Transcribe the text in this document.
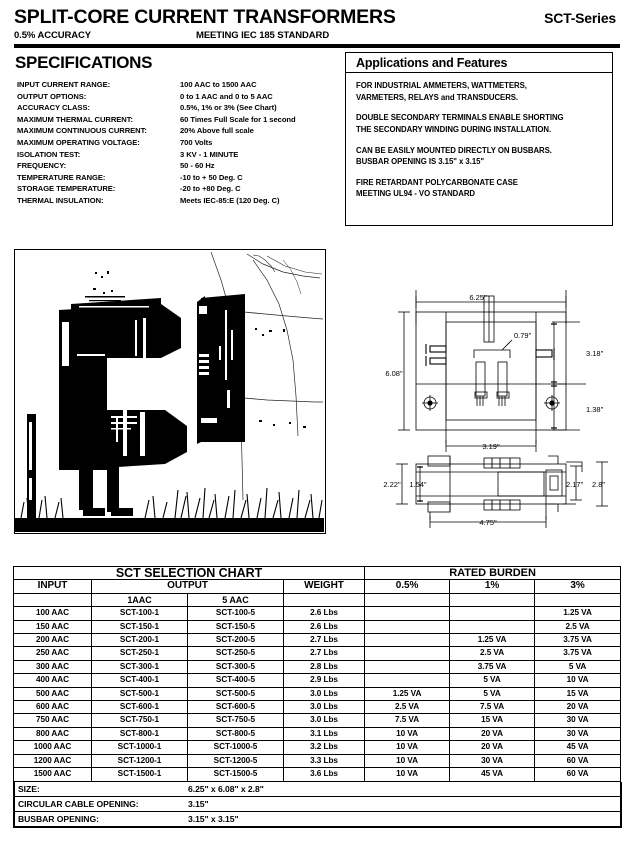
SPLIT-CORE CURRENT TRANSFORMERS	SCT-Series
0.5% ACCURACY	MEETING IEC 185 STANDARD
SPECIFICATIONS
INPUT CURRENT RANGE:	100 AAC to 1500 AAC
OUTPUT OPTIONS:	0 to 1 AAC and 0 to 5 AAC
ACCURACY CLASS:	0.5%, 1% or 3% (See Chart)
MAXIMUM THERMAL CURRENT:	60 Times Full Scale for 1 second
MAXIMUM CONTINUOUS CURRENT:	20% Above full scale
MAXIMUM OPERATING VOLTAGE:	700 Volts
ISOLATION TEST:	3 KV - 1 MINUTE
FREQUENCY:	50 - 60 Hz
TEMPERATURE RANGE:	-10 to + 50 Deg. C
STORAGE TEMPERATURE:	-20 to +80 Deg. C
THERMAL INSULATION:	Meets IEC-85:E (120 Deg. C)
Applications and Features

FOR INDUSTRIAL AMMETERS, WATTMETERS,
VARMETERS, RELAYS and TRANSDUCERS.

DOUBLE SECONDARY TERMINALS ENABLE SHORTING
THE SECONDARY WINDING DURING INSTALLATION.

CAN BE EASILY MOUNTED DIRECTLY ON BUSBARS.
BUSBAR OPENING IS 3.15" x 3.15"

FIRE RETARDANT POLYCARBONATE CASE
MEETING UL94 - VO STANDARD

6.25"
6.08"
3.18"
1.38"
0.79"
3.19"
2.22" 1.54"	2.17" 2.8"
4.75"
SCT SELECTION CHART				RATED BURDEN		
INPUT	OUTPUT		WEIGHT	0.5%	1%	3%
	1AAC	5 AAC				
100 AAC	SCT-100-1	SCT-100-5	2.6 Lbs			1.25 VA
150 AAC	SCT-150-1	SCT-150-5	2.6 Lbs			2.5 VA
200 AAC	SCT-200-1	SCT-200-5	2.7 Lbs		1.25 VA	3.75 VA
250 AAC	SCT-250-1	SCT-250-5	2.7 Lbs		2.5 VA	3.75 VA
300 AAC	SCT-300-1	SCT-300-5	2.8 Lbs		3.75 VA	5 VA
400 AAC	SCT-400-1	SCT-400-5	2.9 Lbs		5 VA	10 VA
500 AAC	SCT-500-1	SCT-500-5	3.0 Lbs	1.25 VA	5 VA	15 VA
600 AAC	SCT-600-1	SCT-600-5	3.0 Lbs	2.5 VA	7.5 VA	20 VA
750 AAC	SCT-750-1	SCT-750-5	3.0 Lbs	7.5 VA	15 VA	30 VA
800 AAC	SCT-800-1	SCT-800-5	3.1 Lbs	10 VA	20 VA	30 VA
1000 AAC	SCT-1000-1	SCT-1000-5	3.2 Lbs	10 VA	20 VA	45 VA
1200 AAC	SCT-1200-1	SCT-1200-5	3.3 Lbs	10 VA	30 VA	60 VA
1500 AAC	SCT-1500-1	SCT-1500-5	3.6 Lbs	10 VA	45 VA	60 VA
SIZE:	6.25" x 6.08" x 2.8"
CIRCULAR CABLE OPENING:	3.15"
BUSBAR OPENING:	3.15" x 3.15"
